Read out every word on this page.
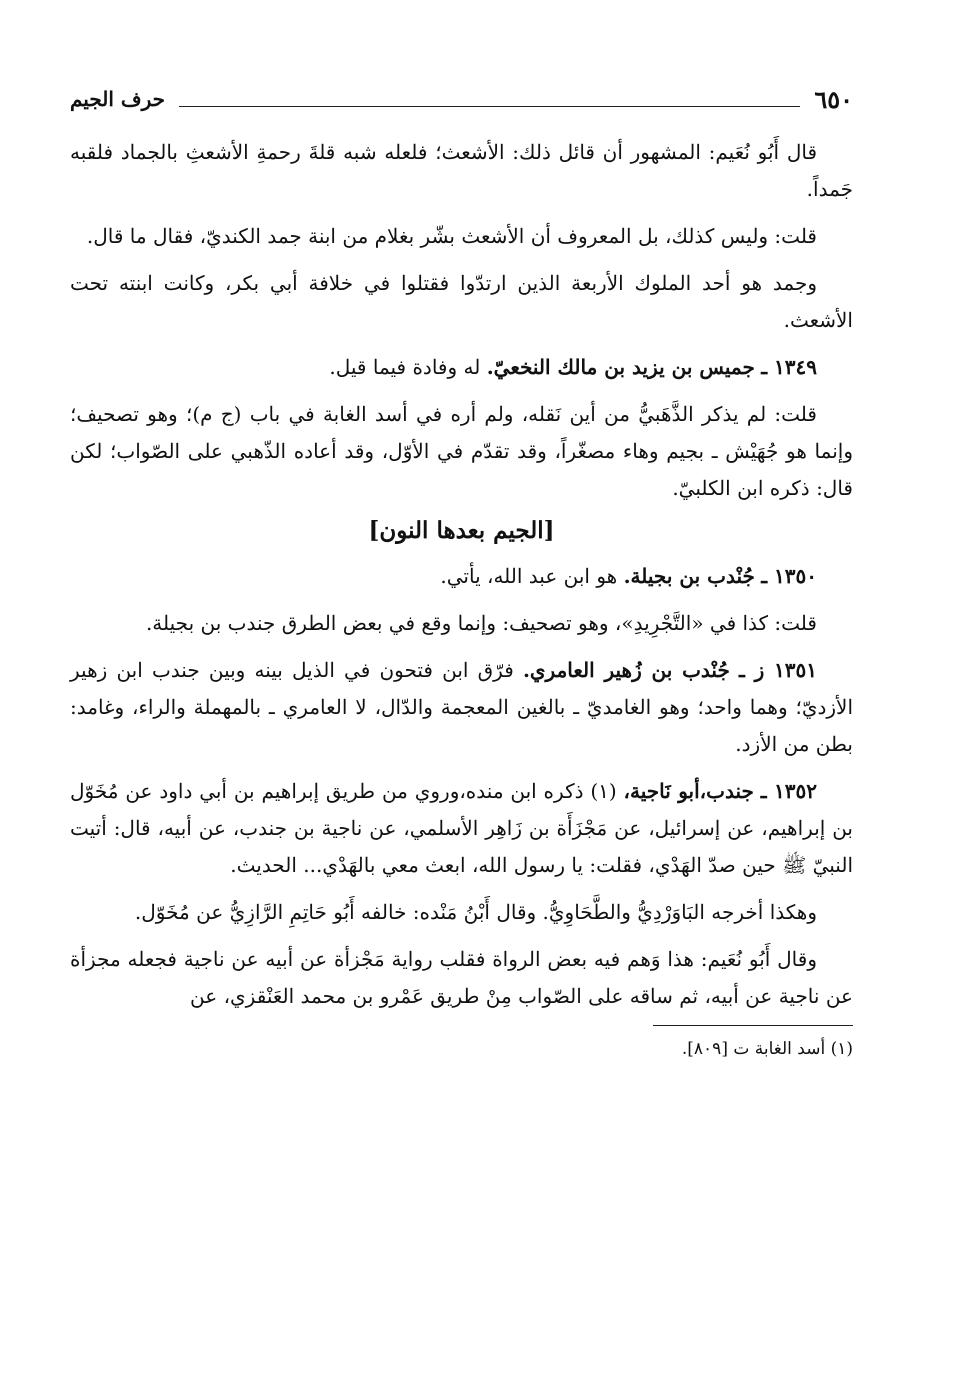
٦٥٠
حرف الجيم

قال أَبُو نُعَيم: المشهور أن قائل ذلك: الأشعث؛ فلعله شبه قلةَ رحمةِ الأشعثِ بالجماد فلقبه جَمداً.

قلت: وليس كذلك، بل المعروف أن الأشعث بشّر بغلام من ابنة جمد الكنديّ، فقال ما قال.

وجمد هو أحد الملوك الأربعة الذين ارتدّوا فقتلوا في خلافة أبي بكر، وكانت ابنته تحت الأشعث.

١٣٤٩ ـ جميس بن يزيد بن مالك النخعيّ. له وفادة فيما قيل.

قلت: لم يذكر الذَّهَبيُّ من أين نَقله، ولم أره في أسد الغابة في باب (ج م)؛ وهو تصحيف؛ وإنما هو جُهَيْش ـ بجيم وهاء مصغّراً، وقد تقدّم في الأوّل، وقد أعاده الذّهبي على الصّواب؛ لكن قال: ذكره ابن الكلبيّ.

[الجيم بعدها النون]

١٣٥٠ ـ جُنْدب بن بجيلة. هو ابن عبد الله، يأتي.

قلت: كذا في «التَّجْرِيدِ»، وهو تصحيف: وإنما وقع في بعض الطرق جندب بن بجيلة.

١٣٥١ ز ـ جُنْدب بن زُهير العامري. فرّق ابن فتحون في الذيل بينه وبين جندب ابن زهير الأزديّ؛ وهما واحد؛ وهو الغامديّ ـ بالغين المعجمة والدّال، لا العامري ـ بالمهملة والراء، وغامد: بطن من الأزد.

١٣٥٢ ـ جندب،أبو نَاجية، (١) ذكره ابن منده،وروي من طريق إبراهيم بن أبي داود عن مُخَوّل بن إبراهيم، عن إسرائيل، عن مَجْزَأَة بن زَاهِر الأسلمي، عن ناجية بن جندب، عن أبيه، قال: أتيت النبيّ ﷺ حين صدّ الهَدْي، فقلت: يا رسول الله، ابعث معي بالهَدْي... الحديث.

وهكذا أخرجه البَاوَرْدِيُّ والطَّحَاوِيُّ. وقال أَبْنُ مَنْده: خالفه أَبُو حَاتِمِ الرَّازِيُّ عن مُخَوّل.

وقال أَبُو نُعَيم: هذا وَهم فيه بعض الرواة فقلب رواية مَجْزأة عن أبيه عن ناجية فجعله مجزأة عن ناجية عن أبيه، ثم ساقه على الصّواب مِنْ طريق عَمْرو بن محمد العَنْقزي، عن

(١) أسد الغابة ت [٨٠٩].
